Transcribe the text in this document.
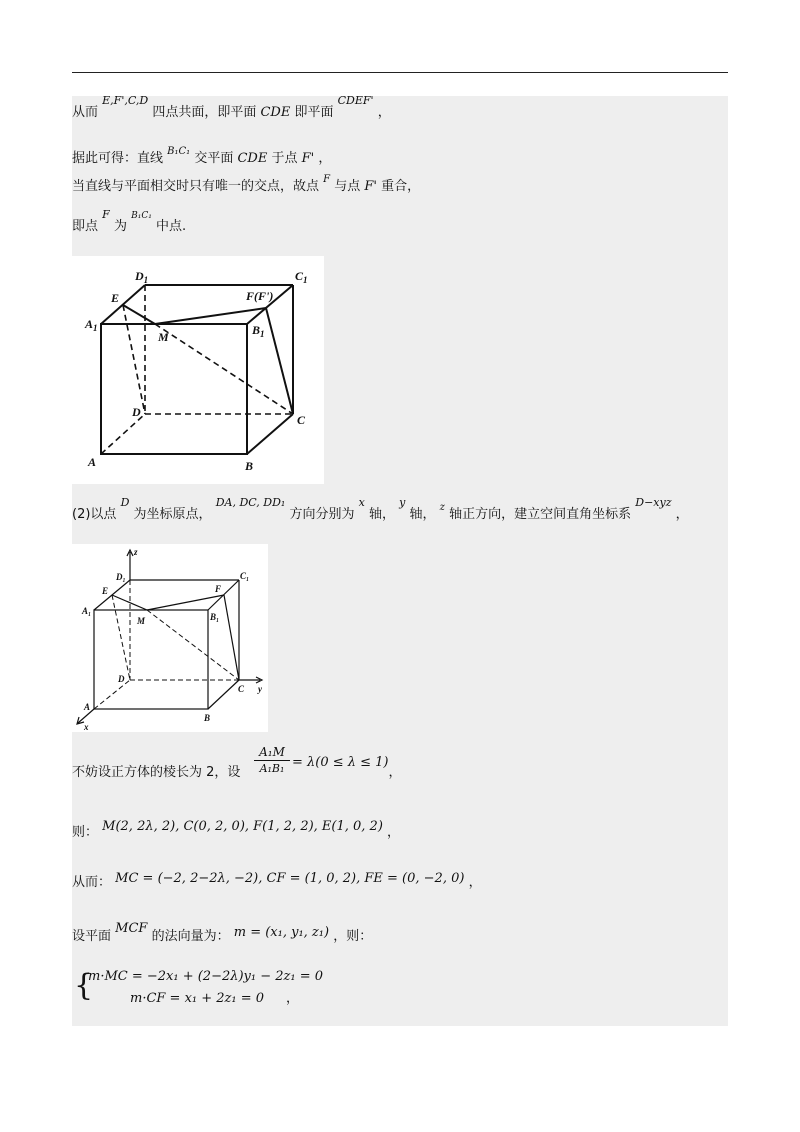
从而 $^{E,F',C,D}$ 四点共面，即平面 CDE 即平面 $^{CDEF'}$ ，
据此可得：直线 $^{B_1C_1}$ 交平面 CDE 于点 F' ，
当直线与平面相交时只有唯一的交点，故点 $^F$ 与点 F' 重合，
即点 $^F$ 为 $^{B_1C_1}$ 中点.
$D_1$	$C_1$
E	F(F')
$A_1$	$B_1$
M
D
C
A	B
(2)以点 $^D$ 为坐标原点， $^{DA, DC, DD_1}$ 方向分别为 $^x$ 轴， $^y$ 轴， $^z$ 轴正方向，建立空间直角坐标系 $^{D-xyz}$ ，
z
D₁	C₁
E	F
A₁
B₁
M
D
C y
A
B
x
不妨设正方体的棱长为 2，设 $\frac{\text{A₁M}}{\text{A₁B₁}} = \lambda(0 \le \lambda \le 1)$，
则： M(2, 2λ, 2), C(0, 2, 0), F(1, 2, 2), E(1, 0, 2) ，
从而： MC = (−2, 2−2λ, −2), CF = (1, 0, 2), FE = (0, −2, 0) ，
设平面 MCF 的法向量为： m = (x₁, y₁, z₁) ，则：
{
m·MC = −2x₁ + (2−2λ)y₁ − 2z₁ = 0
m·CF = x₁ + 2z₁ = 0 ，
